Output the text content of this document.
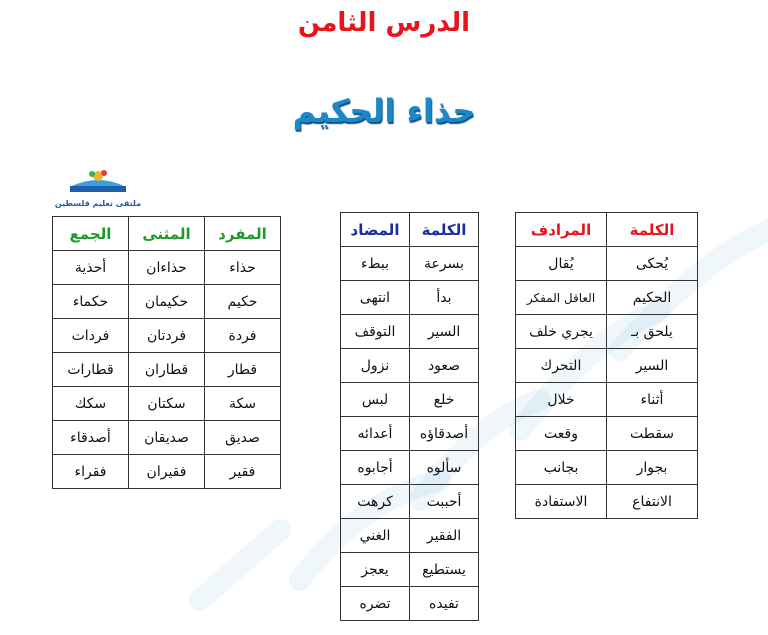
الدرس الثامن
حذاء الحكيم
ملتقى تعليم فلسطين
المفرد	المثنى	الجمع
حذاء	حذاءان	أحذية
حكيم	حكيمان	حكماء
فردة	فردتان	فردات
قطار	قطاران	قطارات
سكة	سكتان	سكك
صديق	صديقان	أصدقاء
فقير	فقيران	فقراء
الكلمة	المضاد
بسرعة	ببطء
بدأ	انتهى
السير	التوقف
صعود	نزول
خلع	لبس
أصدقاؤه	أعدائه
سألوه	أجابوه
أحببت	كرهت
الفقير	الغني
يستطيع	يعجز
تفيده	تضره
الكلمة	المرادف
يُحكى	يُقال
الحكيم	العاقل المفكر
يلحق بـ	يجري خلف
السير	التحرك
أثناء	خلال
سقطت	وقعت
بجوار	بجانب
الانتفاع	الاستفادة
